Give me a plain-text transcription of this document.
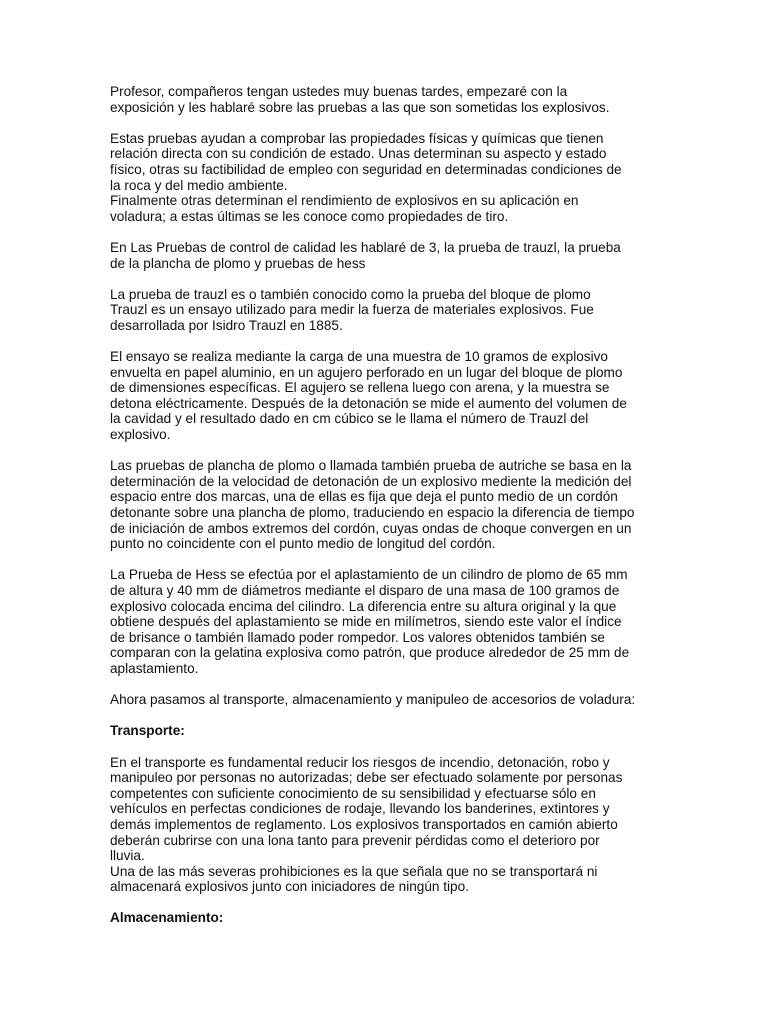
Profesor, compañeros tengan ustedes muy buenas tardes, empezaré con la
exposición y les hablaré sobre las pruebas a las que son sometidas los explosivos.

Estas pruebas ayudan a comprobar las propiedades físicas y químicas que tienen
relación directa con su condición de estado. Unas determinan su aspecto y estado
físico, otras su factibilidad de empleo con seguridad en determinadas condiciones de
la roca y del medio ambiente.

Finalmente otras determinan el rendimiento de explosivos en su aplicación en
voladura; a estas últimas se les conoce como propiedades de tiro.

En Las Pruebas de control de calidad les hablaré de 3, la prueba de trauzl, la prueba
de la plancha de plomo y pruebas de hess

La prueba de trauzl es o también conocido como la prueba del bloque de plomo
Trauzl es un ensayo utilizado para medir la fuerza de materiales explosivos. Fue
desarrollada por Isidro Trauzl en 1885.

El ensayo se realiza mediante la carga de una muestra de 10 gramos de explosivo
envuelta en papel aluminio, en un agujero perforado en un lugar del bloque de plomo
de dimensiones específicas. El agujero se rellena luego con arena, y la muestra se
detona eléctricamente. Después de la detonación se mide el aumento del volumen de
la cavidad y el resultado dado en cm cúbico se le llama el número de Trauzl del
explosivo.

Las pruebas de plancha de plomo o llamada también prueba de autriche se basa en la
determinación de la velocidad de detonación de un explosivo mediente la medición del
espacio entre dos marcas, una de ellas es fija que deja el punto medio de un cordón
detonante sobre una plancha de plomo, traduciendo en espacio la diferencia de tiempo
de iniciación de ambos extremos del cordón, cuyas ondas de choque convergen en un
punto no coincidente con el punto medio de longitud del cordón.

La Prueba de Hess se efectúa por el aplastamiento de un cilindro de plomo de 65 mm
de altura y 40 mm de diámetros mediante el disparo de una masa de 100 gramos de
explosivo colocada encima del cilindro. La diferencia entre su altura original y la que
obtiene después del aplastamiento se mide en milímetros, siendo este valor el índice
de brisance o también llamado poder rompedor. Los valores obtenidos también se
comparan con la gelatina explosiva como patrón, que produce alrededor de 25 mm de
aplastamiento.

Ahora pasamos al transporte, almacenamiento y manipuleo de accesorios de voladura:

Transporte:

En el transporte es fundamental reducir los riesgos de incendio, detonación, robo y
manipuleo por personas no autorizadas; debe ser efectuado solamente por personas
competentes con suficiente conocimiento de su sensibilidad y efectuarse sólo en
vehículos en perfectas condiciones de rodaje, llevando los banderines, extintores y
demás implementos de reglamento. Los explosivos transportados en camión abierto
deberán cubrirse con una lona tanto para prevenir pérdidas como el deterioro por
lluvia.

Una de las más severas prohibiciones es la que señala que no se transportará ni
almacenará explosivos junto con iniciadores de ningún tipo.

Almacenamiento:
